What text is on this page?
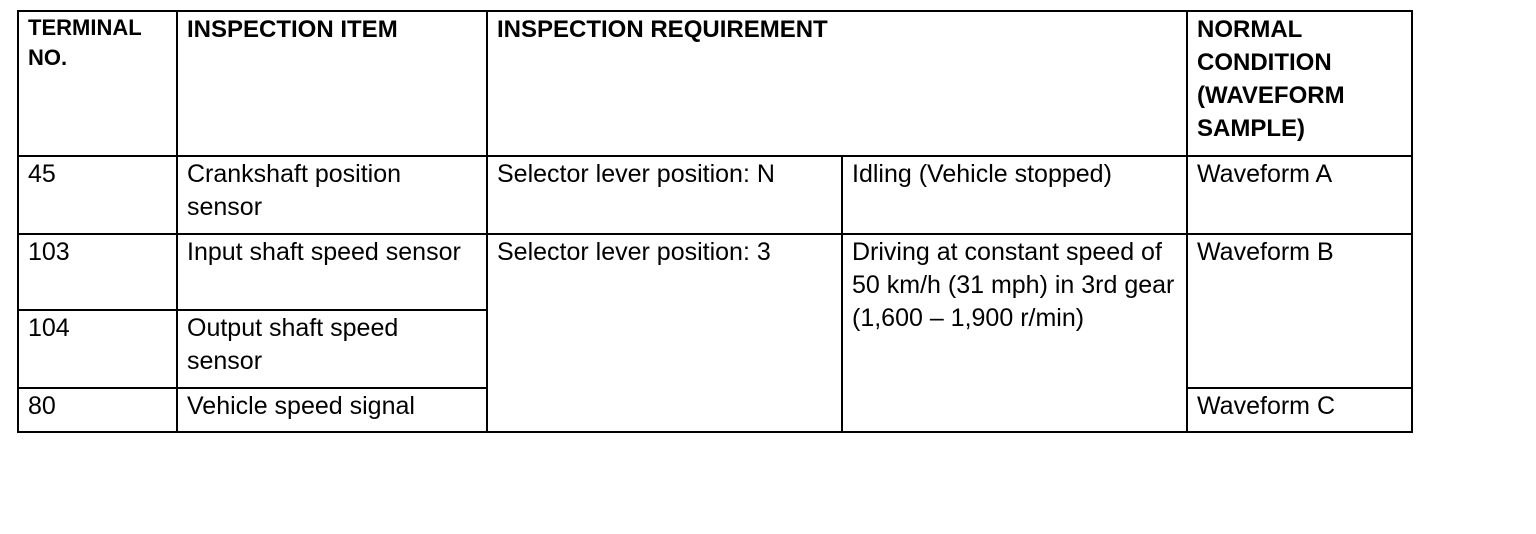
TERMINAL NO.	INSPECTION ITEM	INSPECTION REQUIREMENT		NORMAL CONDITION (WAVEFORM SAMPLE)
45	Crankshaft position sensor	Selector lever position: N	Idling (Vehicle stopped)	Waveform A
103	Input shaft speed sensor	Selector lever position: 3	Driving at constant speed of 50 km/h (31 mph) in 3rd gear (1,600 – 1,900 r/min)	Waveform B
104	Output shaft speed sensor			
80	Vehicle speed signal			Waveform C
